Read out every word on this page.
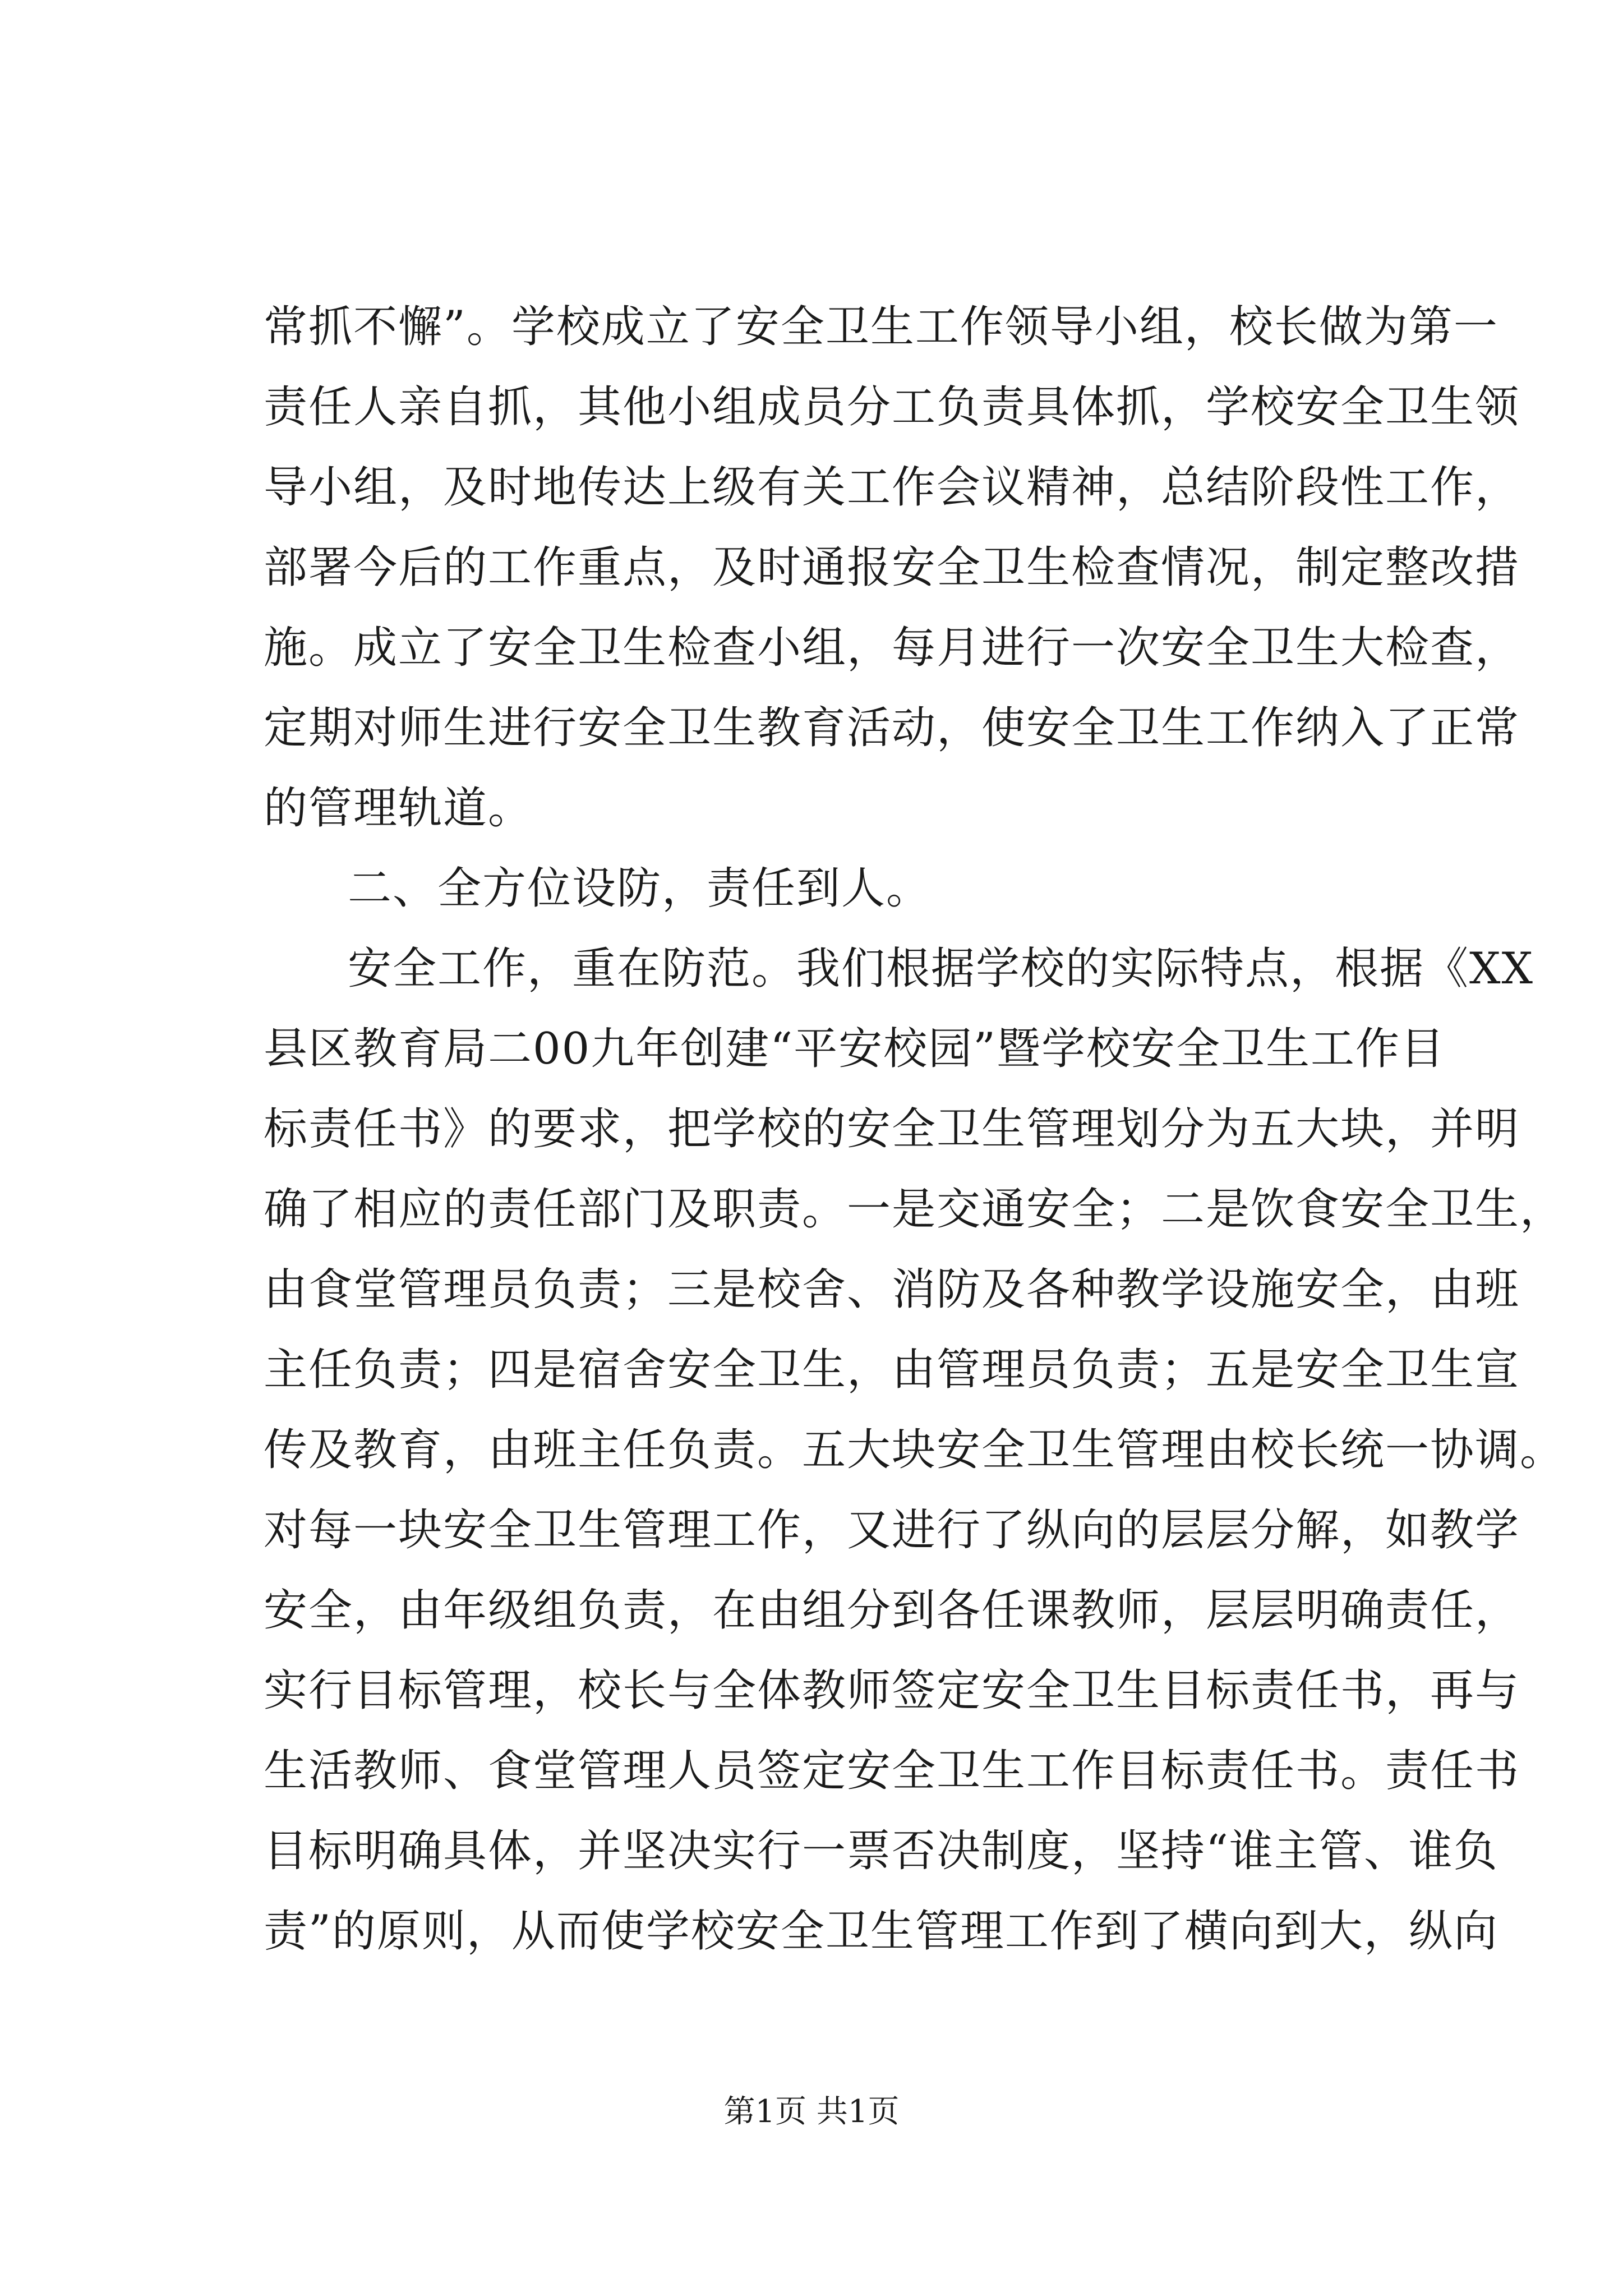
常抓不懈”。学校成立了安全卫生工作领导小组，校长做为第一
责任人亲自抓，其他小组成员分工负责具体抓，学校安全卫生领
导小组，及时地传达上级有关工作会议精神，总结阶段性工作，
部署今后的工作重点，及时通报安全卫生检查情况，制定整改措
施。成立了安全卫生检查小组，每月进行一次安全卫生大检查，
定期对师生进行安全卫生教育活动，使安全卫生工作纳入了正常
的管理轨道。
二、全方位设防，责任到人。
安全工作，重在防范。我们根据学校的实际特点，根据《XX
县区教育局二00九年创建“平安校园”暨学校安全卫生工作目
标责任书》的要求，把学校的安全卫生管理划分为五大块，并明
确了相应的责任部门及职责。一是交通安全；二是饮食安全卫生，
由食堂管理员负责；三是校舍、消防及各种教学设施安全，由班
主任负责；四是宿舍安全卫生，由管理员负责；五是安全卫生宣
传及教育，由班主任负责。五大块安全卫生管理由校长统一协调。
对每一块安全卫生管理工作，又进行了纵向的层层分解，如教学
安全，由年级组负责，在由组分到各任课教师，层层明确责任，
实行目标管理，校长与全体教师签定安全卫生目标责任书，再与
生活教师、食堂管理人员签定安全卫生工作目标责任书。责任书
目标明确具体，并坚决实行一票否决制度，坚持“谁主管、谁负
责”的原则，从而使学校安全卫生管理工作到了横向到大，纵向
第1页 共1页
